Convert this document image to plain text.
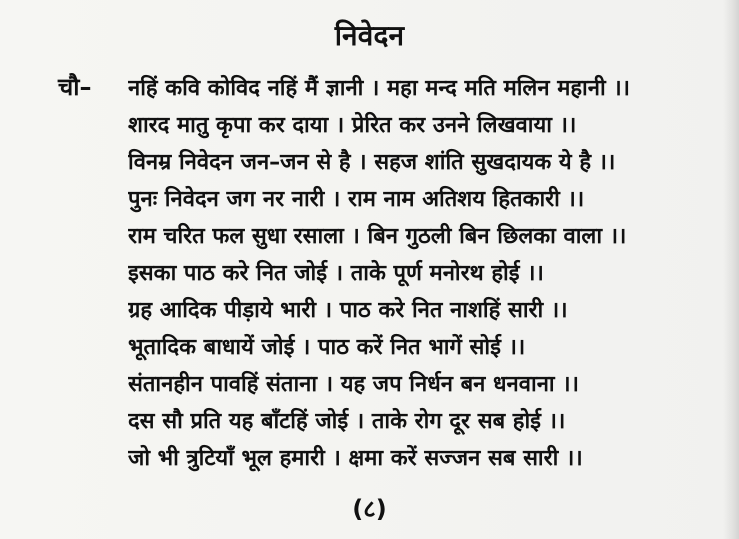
निवेदन
चौ– नहिं कवि कोविद नहिं मैं ज्ञानी । महा मन्द मति मलिन महानी ।।
शारद मातु कृपा कर दाया । प्रेरित कर उनने लिखवाया ।।
विनम्र निवेदन जन–जन से है । सहज शांति सुखदायक ये है ।।
पुनः निवेदन जग नर नारी । राम नाम अतिशय हितकारी ।।
राम चरित फल सुधा रसाला । बिन गुठली बिन छिलका वाला ।।
इसका पाठ करे नित जोई । ताके पूर्ण मनोरथ होई ।।
ग्रह आदिक पीड़ाये भारी । पाठ करे नित नाशहिं सारी ।।
भूतादिक बाधायें जोई । पाठ करें नित भागें सोई ।।
संतानहीन पावहिं संताना । यह जप निर्धन बन धनवाना ।।
दस सौ प्रति यह बाँटहिं जोई । ताके रोग दूर सब होई ।।
जो भी त्रुटियाँ भूल हमारी । क्षमा करें सज्जन सब सारी ।।
(८)
